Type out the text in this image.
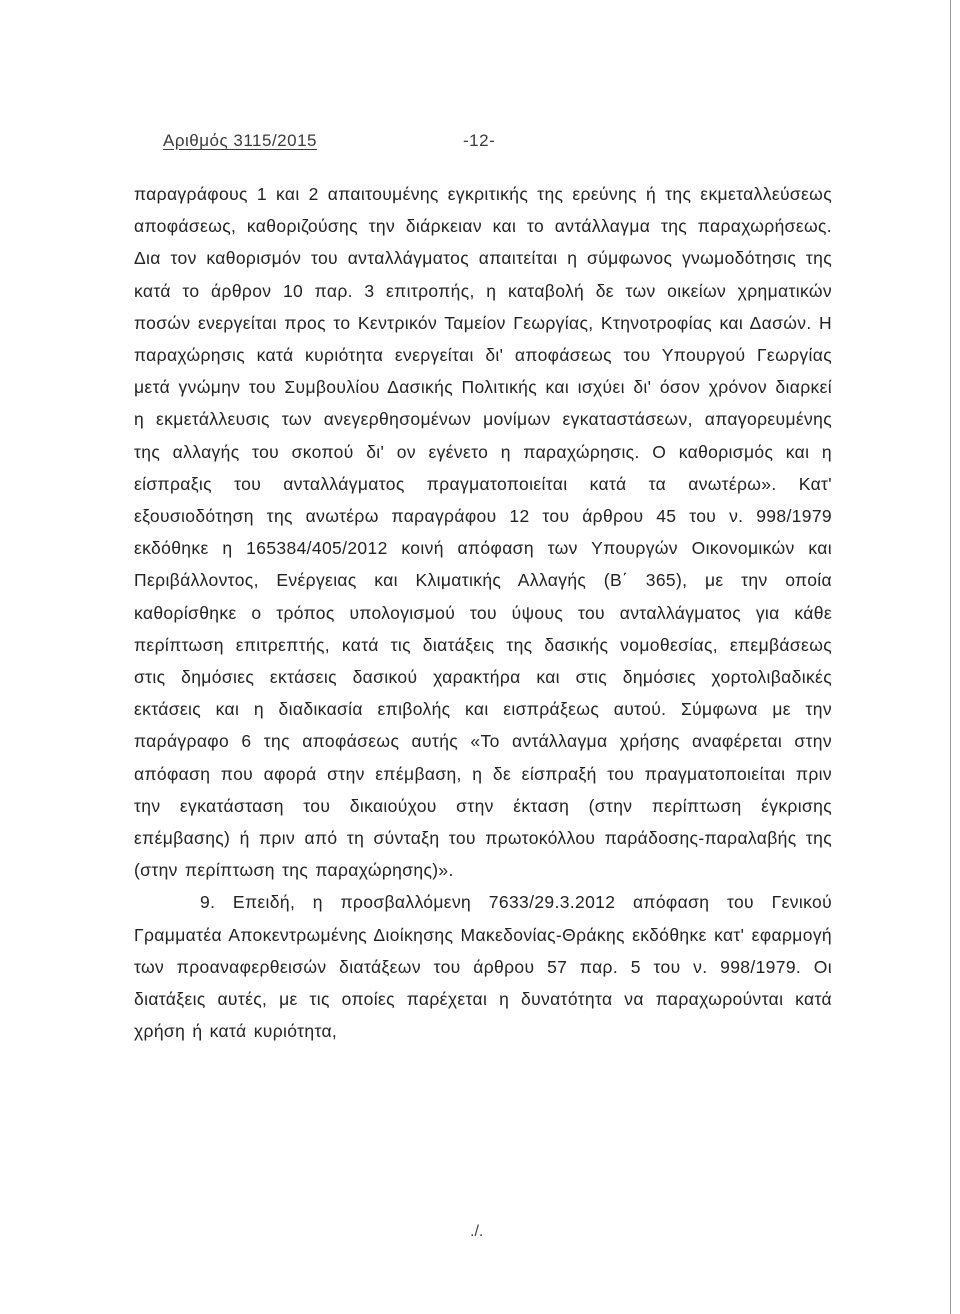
Αριθμός 3115/2015	-12-

παραγράφους 1 και 2 απαιτουμένης εγκριτικής της ερεύνης ή της εκμεταλλεύσεως αποφάσεως, καθοριζούσης την διάρκειαν και το αντάλλαγμα της παραχωρήσεως. Δια τον καθορισμόν του ανταλλάγματος απαιτείται η σύμφωνος γνωμοδότησις της κατά το άρθρον 10 παρ. 3 επιτροπής, η καταβολή δε των οικείων χρηματικών ποσών ενεργείται προς το Κεντρικόν Ταμείον Γεωργίας, Κτηνοτροφίας και Δασών. Η παραχώρησις κατά κυριότητα ενεργείται δι' αποφάσεως του Υπουργού Γεωργίας μετά γνώμην του Συμβουλίου Δασικής Πολιτικής και ισχύει δι' όσον χρόνον διαρκεί η εκμετάλλευσις των ανεγερθησομένων μονίμων εγκαταστάσεων, απαγορευμένης της αλλαγής του σκοπού δι' ον εγένετο η παραχώρησις. Ο καθορισμός και η είσπραξις του ανταλλάγματος πραγματοποιείται κατά τα ανωτέρω». Κατ' εξουσιοδότηση της ανωτέρω παραγράφου 12 του άρθρου 45 του ν. 998/1979 εκδόθηκε η 165384/405/2012 κοινή απόφαση των Υπουργών Οικονομικών και Περιβάλλοντος, Ενέργειας και Κλιματικής Αλλαγής (Β΄ 365), με την οποία καθορίσθηκε ο τρόπος υπολογισμού του ύψους του ανταλλάγματος για κάθε περίπτωση επιτρεπτής, κατά τις διατάξεις της δασικής νομοθεσίας, επεμβάσεως στις δημόσιες εκτάσεις δασικού χαρακτήρα και στις δημόσιες χορτολιβαδικές εκτάσεις και η διαδικασία επιβολής και εισπράξεως αυτού. Σύμφωνα με την παράγραφο 6 της αποφάσεως αυτής «Το αντάλλαγμα χρήσης αναφέρεται στην απόφαση που αφορά στην επέμβαση, η δε είσπραξή του πραγματοποιείται πριν την εγκατάσταση του δικαιούχου στην έκταση (στην περίπτωση έγκρισης επέμβασης) ή πριν από τη σύνταξη του πρωτοκόλλου παράδοσης-παραλαβής της (στην περίπτωση της παραχώρησης)».

9. Επειδή, η προσβαλλόμενη 7633/29.3.2012 απόφαση του Γενικού Γραμματέα Αποκεντρωμένης Διοίκησης Μακεδονίας-Θράκης εκδόθηκε κατ' εφαρμογή των προαναφερθεισών διατάξεων του άρθρου 57 παρ. 5 του ν. 998/1979. Οι διατάξεις αυτές, με τις οποίες παρέχεται η δυνατότητα να παραχωρούνται κατά χρήση ή κατά κυριότητα,

./.
